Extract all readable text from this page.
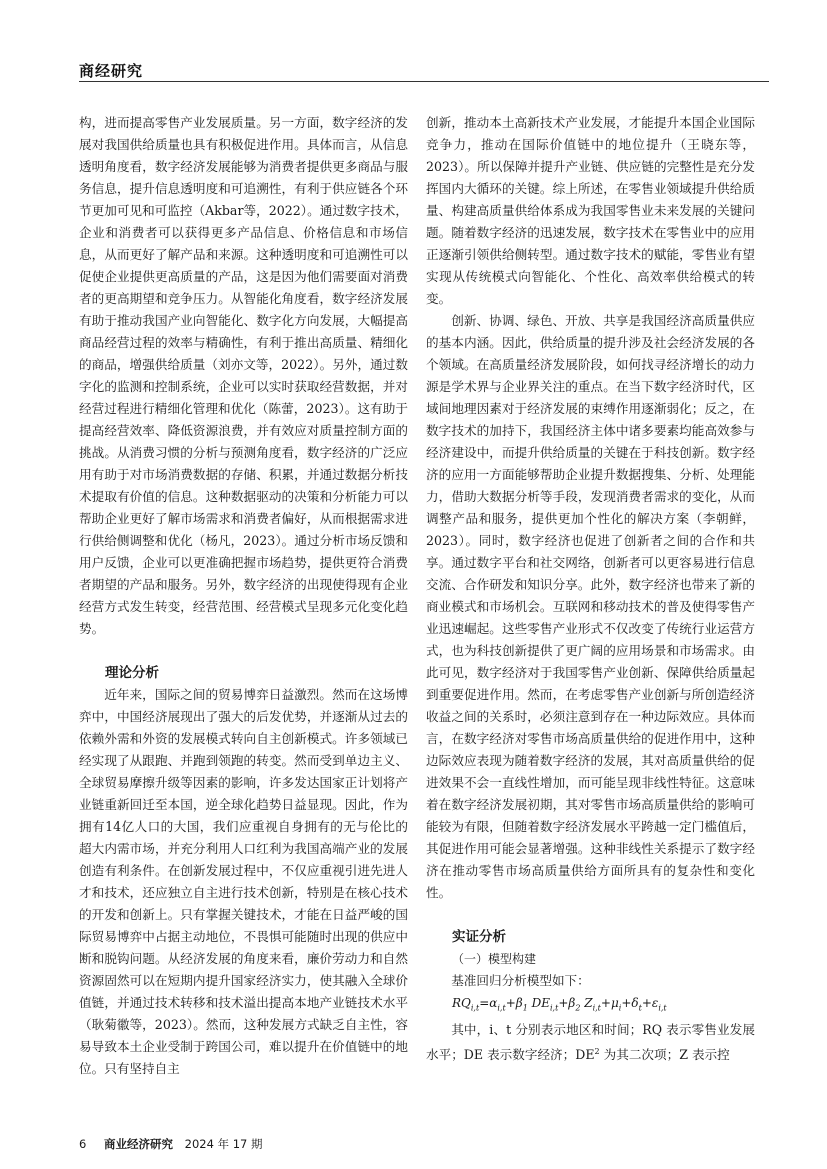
商经研究

构，进而提高零售产业发展质量。另一方面，数字经济的发展对我国供给质量也具有积极促进作用。具体而言，从信息透明角度看，数字经济发展能够为消费者提供更多商品与服务信息，提升信息透明度和可追溯性，有利于供应链各个环节更加可见和可监控（Akbar等，2022）。通过数字技术，企业和消费者可以获得更多产品信息、价格信息和市场信息，从而更好了解产品和来源。这种透明度和可追溯性可以促使企业提供更高质量的产品，这是因为他们需要面对消费者的更高期望和竞争压力。从智能化角度看，数字经济发展有助于推动我国产业向智能化、数字化方向发展，大幅提高商品经营过程的效率与精确性，有利于推出高质量、精细化的商品，增强供给质量（刘亦文等，2022）。另外，通过数字化的监测和控制系统，企业可以实时获取经营数据，并对经营过程进行精细化管理和优化（陈蕾，2023）。这有助于提高经营效率、降低资源浪费，并有效应对质量控制方面的挑战。从消费习惯的分析与预测角度看，数字经济的广泛应用有助于对市场消费数据的存储、积累，并通过数据分析技术提取有价值的信息。这种数据驱动的决策和分析能力可以帮助企业更好了解市场需求和消费者偏好，从而根据需求进行供给侧调整和优化（杨凡，2023）。通过分析市场反馈和用户反馈，企业可以更准确把握市场趋势，提供更符合消费者期望的产品和服务。另外，数字经济的出现使得现有企业经营方式发生转变，经营范围、经营模式呈现多元化变化趋势。

理论分析

近年来，国际之间的贸易博弈日益激烈。然而在这场博弈中，中国经济展现出了强大的后发优势，并逐渐从过去的依赖外需和外资的发展模式转向自主创新模式。许多领域已经实现了从跟跑、并跑到领跑的转变。然而受到单边主义、全球贸易摩擦升级等因素的影响，许多发达国家正计划将产业链重新回迁至本国，逆全球化趋势日益显现。因此，作为拥有14亿人口的大国，我们应重视自身拥有的无与伦比的超大内需市场，并充分利用人口红利为我国高端产业的发展创造有利条件。在创新发展过程中，不仅应重视引进先进人才和技术，还应独立自主进行技术创新，特别是在核心技术的开发和创新上。只有掌握关键技术，才能在日益严峻的国际贸易博弈中占据主动地位，不畏惧可能随时出现的供应中断和脱钩问题。从经济发展的角度来看，廉价劳动力和自然资源固然可以在短期内提升国家经济实力，使其融入全球价值链，并通过技术转移和技术溢出提高本地产业链技术水平（耿菊徽等，2023）。然而，这种发展方式缺乏自主性，容易导致本土企业受制于跨国公司，难以提升在价值链中的地位。只有坚持自主

创新，推动本土高新技术产业发展，才能提升本国企业国际竞争力，推动在国际价值链中的地位提升（王晓东等，2023）。所以保障并提升产业链、供应链的完整性是充分发挥国内大循环的关键。综上所述，在零售业领域提升供给质量、构建高质量供给体系成为我国零售业未来发展的关键问题。随着数字经济的迅速发展，数字技术在零售业中的应用正逐渐引领供给侧转型。通过数字技术的赋能，零售业有望实现从传统模式向智能化、个性化、高效率供给模式的转变。

创新、协调、绿色、开放、共享是我国经济高质量供应的基本内涵。因此，供给质量的提升涉及社会经济发展的各个领域。在高质量经济发展阶段，如何找寻经济增长的动力源是学术界与企业界关注的重点。在当下数字经济时代，区域间地理因素对于经济发展的束缚作用逐渐弱化；反之，在数字技术的加持下，我国经济主体中诸多要素均能高效参与经济建设中，而提升供给质量的关键在于科技创新。数字经济的应用一方面能够帮助企业提升数据搜集、分析、处理能力，借助大数据分析等手段，发现消费者需求的变化，从而调整产品和服务，提供更加个性化的解决方案（李朝鲜，2023）。同时，数字经济也促进了创新者之间的合作和共享。通过数字平台和社交网络，创新者可以更容易进行信息交流、合作研发和知识分享。此外，数字经济也带来了新的商业模式和市场机会。互联网和移动技术的普及使得零售产业迅速崛起。这些零售产业形式不仅改变了传统行业运营方式，也为科技创新提供了更广阔的应用场景和市场需求。由此可见，数字经济对于我国零售产业创新、保障供给质量起到重要促进作用。然而，在考虑零售产业创新与所创造经济收益之间的关系时，必须注意到存在一种边际效应。具体而言，在数字经济对零售市场高质量供给的促进作用中，这种边际效应表现为随着数字经济的发展，其对高质量供给的促进效果不会一直线性增加，而可能呈现非线性特征。这意味着在数字经济发展初期，其对零售市场高质量供给的影响可能较为有限，但随着数字经济发展水平跨越一定门槛值后，其促进作用可能会显著增强。这种非线性关系提示了数字经济在推动零售市场高质量供给方面所具有的复杂性和变化性。

实证分析

（一）模型构建

基准回归分析模型如下：

$RQ_{i,t}=\alpha_{i,t}+\beta_1$ $DE_{i,t}+\beta_2$ $Z_{i,t}+\mu_i+\delta_t+\varepsilon_{i,t}$

其中，i、t 分别表示地区和时间；RQ 表示零售业发展水平；DE 表示数字经济；$DE^2$ 为其二次项；Z 表示控

6 商业经济研究 2024 年 17 期
